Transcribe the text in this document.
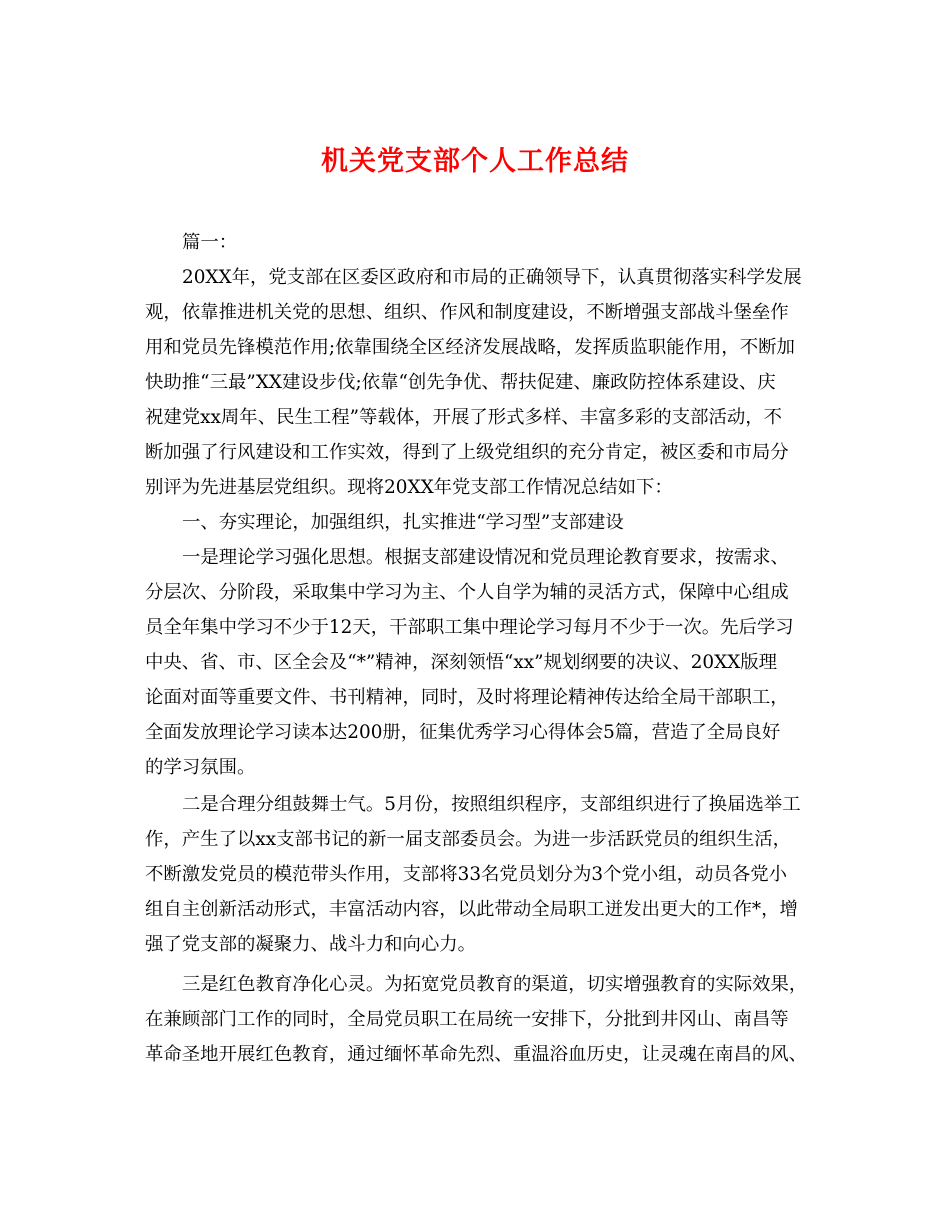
机关党支部个人工作总结

篇一：

20XX年，党支部在区委区政府和市局的正确领导下，认真贯彻落实科学发展
观，依靠推进机关党的思想、组织、作风和制度建设，不断增强支部战斗堡垒作
用和党员先锋模范作用;依靠围绕全区经济发展战略，发挥质监职能作用，不断加
快助推“三最”XX建设步伐;依靠“创先争优、帮扶促建、廉政防控体系建设、庆
祝建党xx周年、民生工程”等载体，开展了形式多样、丰富多彩的支部活动，不
断加强了行风建设和工作实效，得到了上级党组织的充分肯定，被区委和市局分
别评为先进基层党组织。现将20XX年党支部工作情况总结如下：

一、夯实理论，加强组织，扎实推进“学习型”支部建设

一是理论学习强化思想。根据支部建设情况和党员理论教育要求，按需求、
分层次、分阶段，采取集中学习为主、个人自学为辅的灵活方式，保障中心组成
员全年集中学习不少于12天，干部职工集中理论学习每月不少于一次。先后学习
中央、省、市、区全会及“*”精神，深刻领悟“xx”规划纲要的决议、20XX版理
论面对面等重要文件、书刊精神，同时，及时将理论精神传达给全局干部职工，
全面发放理论学习读本达200册，征集优秀学习心得体会5篇，营造了全局良好
的学习氛围。

二是合理分组鼓舞士气。5月份，按照组织程序，支部组织进行了换届选举工
作，产生了以xx支部书记的新一届支部委员会。为进一步活跃党员的组织生活，
不断激发党员的模范带头作用，支部将33名党员划分为3个党小组，动员各党小
组自主创新活动形式，丰富活动内容，以此带动全局职工迸发出更大的工作*，增
强了党支部的凝聚力、战斗力和向心力。

三是红色教育净化心灵。为拓宽党员教育的渠道，切实增强教育的实际效果，
在兼顾部门工作的同时，全局党员职工在局统一安排下，分批到井冈山、南昌等
革命圣地开展红色教育，通过缅怀革命先烈、重温浴血历史，让灵魂在南昌的风、
